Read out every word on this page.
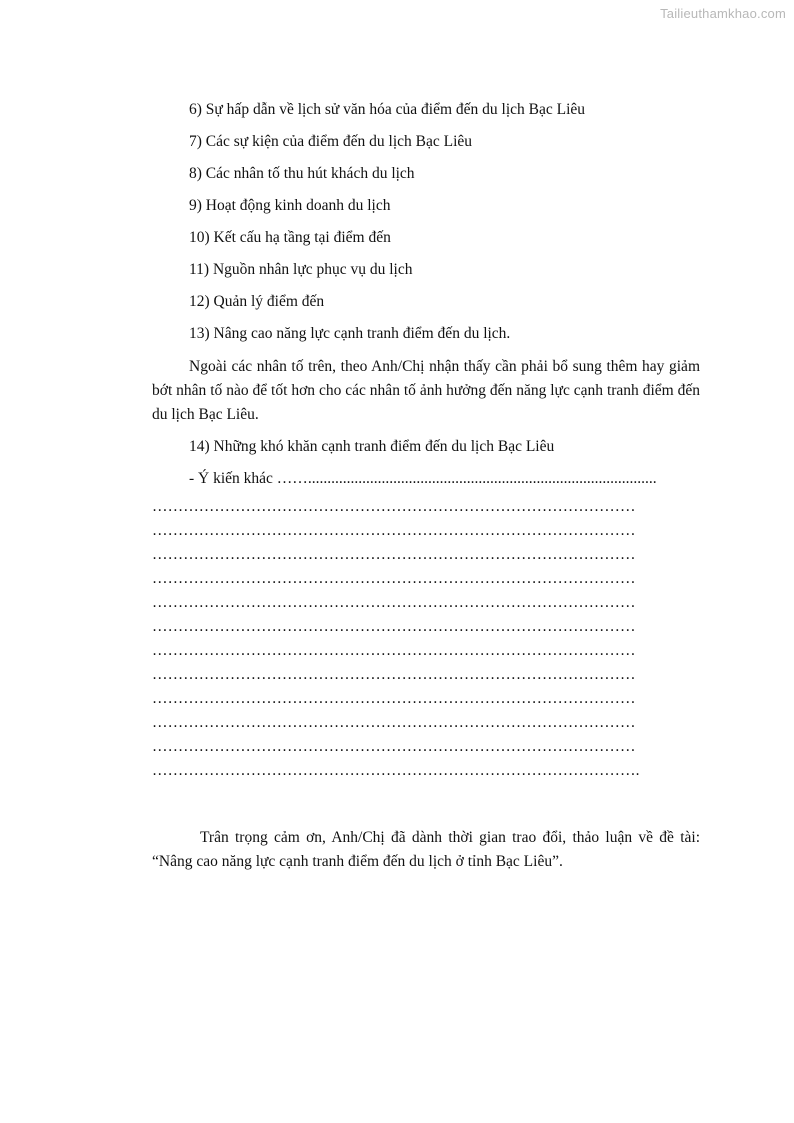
Tailieuthamkhao.com

6) Sự hấp dẫn về lịch sử văn hóa của điểm đến du lịch Bạc Liêu

7) Các sự kiện của điểm đến du lịch Bạc Liêu

8) Các nhân tố thu hút khách du lịch

9) Hoạt động kinh doanh du lịch

10) Kết cấu hạ tầng tại điểm đến

11) Nguồn nhân lực phục vụ du lịch

12) Quản lý điểm đến

13) Nâng cao năng lực cạnh tranh điểm đến du lịch.

Ngoài các nhân tố trên, theo Anh/Chị nhận thấy cần phải bổ sung thêm hay giảm bớt nhân tố nào để tốt hơn cho các nhân tố ảnh hưởng đến năng lực cạnh tranh điểm đến du lịch Bạc Liêu.

14) Những khó khăn cạnh tranh điểm đến du lịch Bạc Liêu

- Ý kiến khác ……..........................................................................................

…………………………………………………………………………………
…………………………………………………………………………………
…………………………………………………………………………………
…………………………………………………………………………………
…………………………………………………………………………………
…………………………………………………………………………………
…………………………………………………………………………………
…………………………………………………………………………………
…………………………………………………………………………………
…………………………………………………………………………………
…………………………………………………………………………………
………………………………………………………………………………….

Trân trọng cảm ơn, Anh/Chị đã dành thời gian trao đổi, thảo luận về đề tài: “Nâng cao năng lực cạnh tranh điểm đến du lịch ở tỉnh Bạc Liêu”.
